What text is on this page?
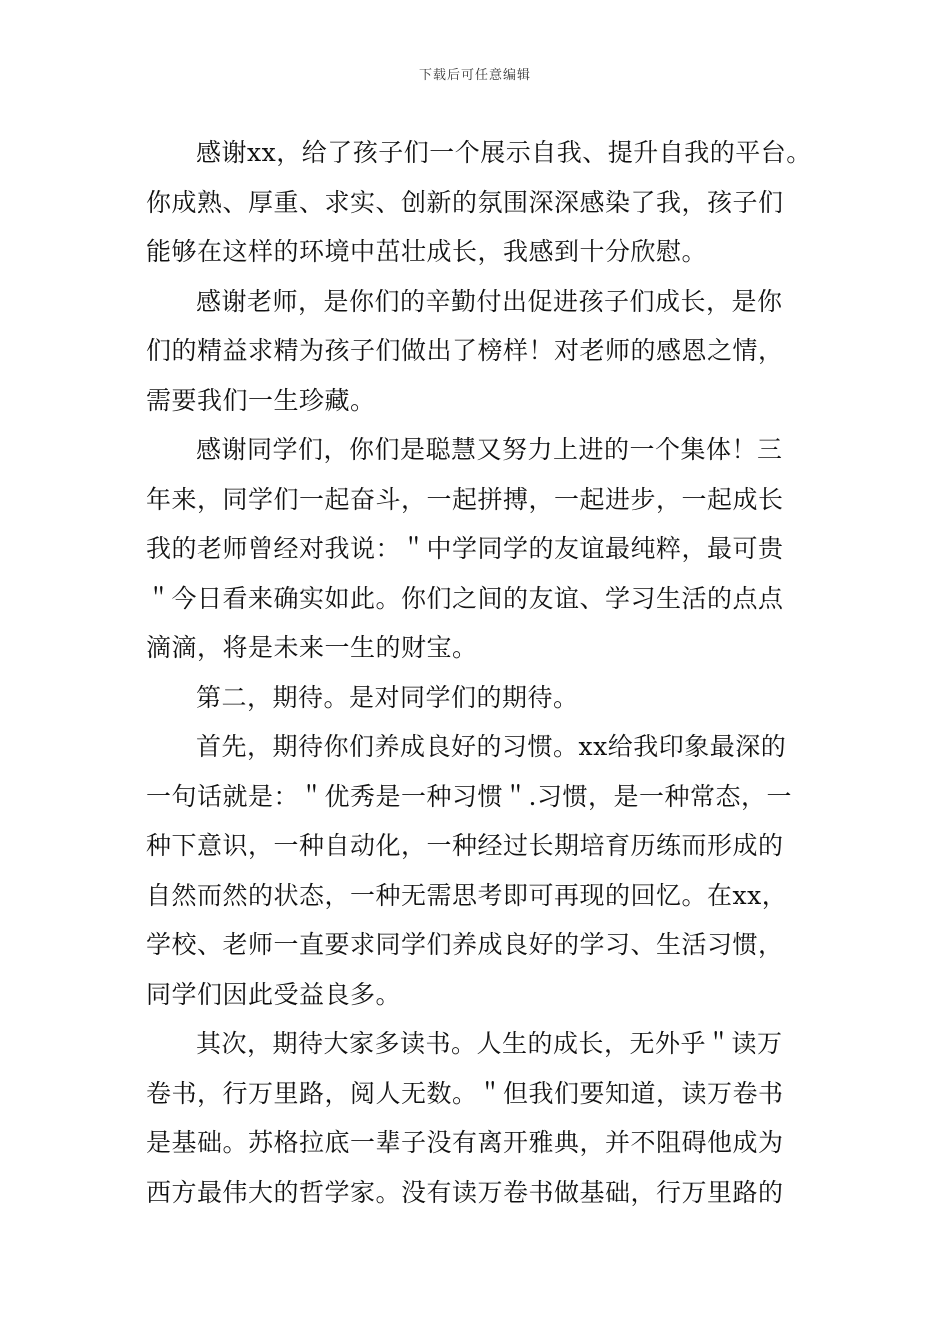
下载后可任意编辑
感谢xx，给了孩子们一个展示自我、提升自我的平台。
你成熟、厚重、求实、创新的氛围深深感染了我，孩子们
能够在这样的环境中茁壮成长，我感到十分欣慰。
感谢老师，是你们的辛勤付出促进孩子们成长，是你
们的精益求精为孩子们做出了榜样！对老师的感恩之情，
需要我们一生珍藏。
感谢同学们，你们是聪慧又努力上进的一个集体！三
年来，同学们一起奋斗，一起拼搏，一起进步，一起成长
我的老师曾经对我说：＂中学同学的友谊最纯粹，最可贵
＂今日看来确实如此。你们之间的友谊、学习生活的点点
滴滴，将是未来一生的财宝。
第二，期待。是对同学们的期待。
首先，期待你们养成良好的习惯。xx给我印象最深的
一句话就是：＂优秀是一种习惯＂.习惯，是一种常态，一
种下意识，一种自动化，一种经过长期培育历练而形成的
自然而然的状态，一种无需思考即可再现的回忆。在xx，
学校、老师一直要求同学们养成良好的学习、生活习惯，
同学们因此受益良多。
其次，期待大家多读书。人生的成长，无外乎＂读万
卷书，行万里路，阅人无数。＂但我们要知道，读万卷书
是基础。苏格拉底一辈子没有离开雅典，并不阻碍他成为
西方最伟大的哲学家。没有读万卷书做基础，行万里路的
